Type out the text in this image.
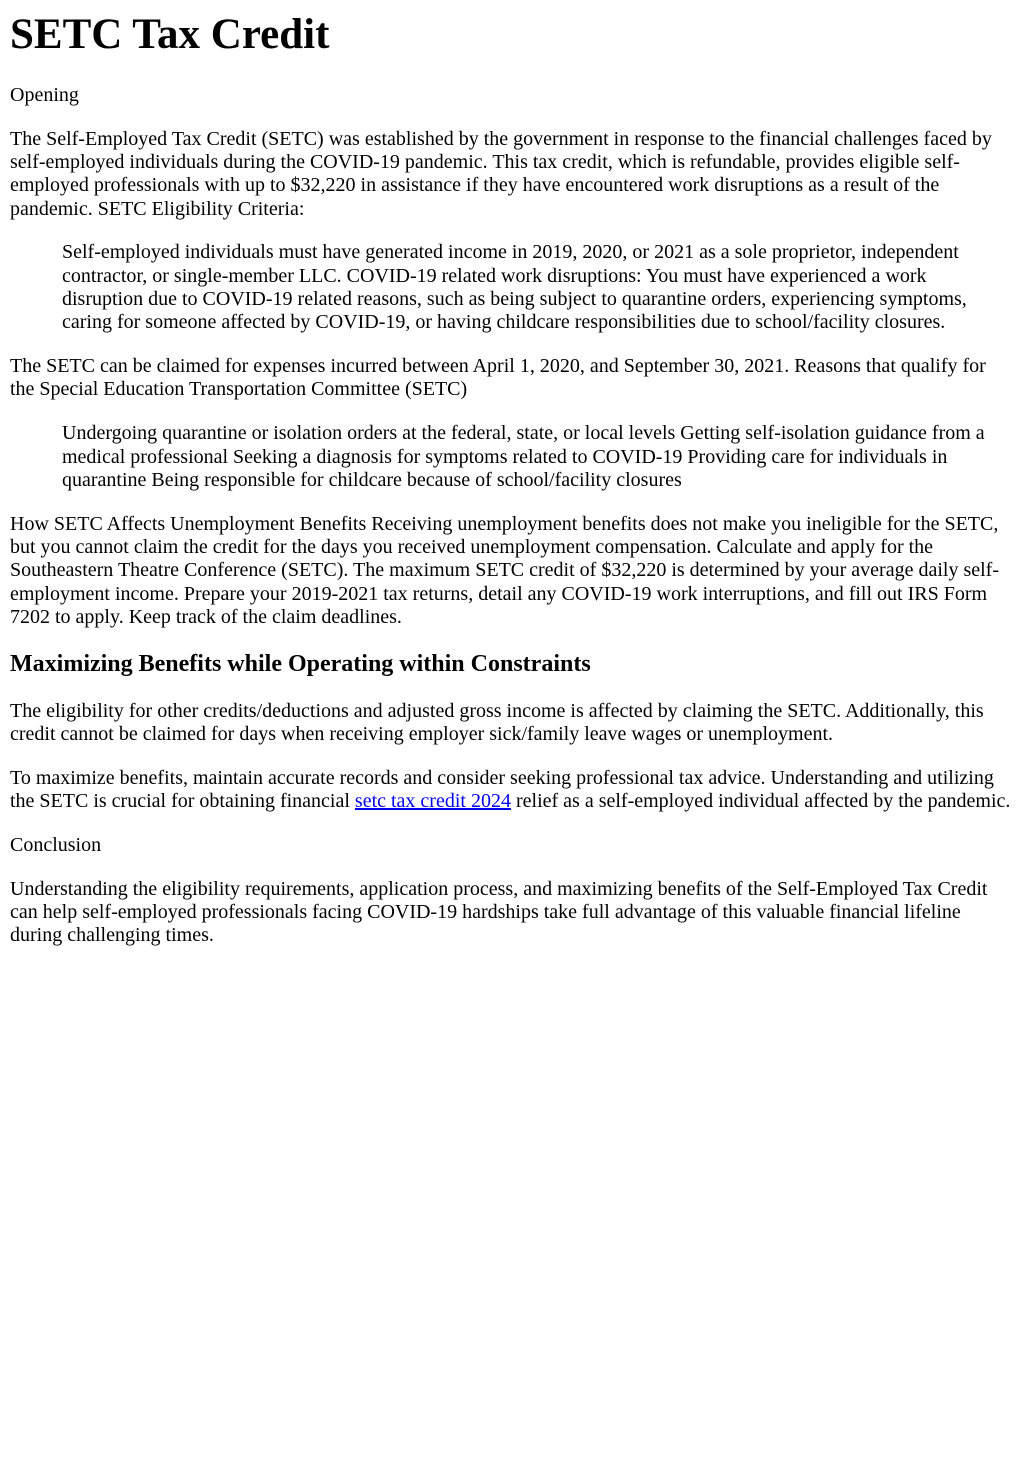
SETC Tax Credit

Opening

The Self-Employed Tax Credit (SETC) was established by the government in response to the financial challenges faced by self-employed individuals during the COVID-19 pandemic. This tax credit, which is refundable, provides eligible self-employed professionals with up to $32,220 in assistance if they have encountered work disruptions as a result of the pandemic. SETC Eligibility Criteria:

Self-employed individuals must have generated income in 2019, 2020, or 2021 as a sole proprietor, independent contractor, or single-member LLC. COVID-19 related work disruptions: You must have experienced a work disruption due to COVID-19 related reasons, such as being subject to quarantine orders, experiencing symptoms, caring for someone affected by COVID-19, or having childcare responsibilities due to school/facility closures.

The SETC can be claimed for expenses incurred between April 1, 2020, and September 30, 2021. Reasons that qualify for the Special Education Transportation Committee (SETC)

Undergoing quarantine or isolation orders at the federal, state, or local levels Getting self-isolation guidance from a medical professional Seeking a diagnosis for symptoms related to COVID-19 Providing care for individuals in quarantine Being responsible for childcare because of school/facility closures

How SETC Affects Unemployment Benefits Receiving unemployment benefits does not make you ineligible for the SETC, but you cannot claim the credit for the days you received unemployment compensation. Calculate and apply for the Southeastern Theatre Conference (SETC). The maximum SETC credit of $32,220 is determined by your average daily self-employment income. Prepare your 2019-2021 tax returns, detail any COVID-19 work interruptions, and fill out IRS Form 7202 to apply. Keep track of the claim deadlines.

Maximizing Benefits while Operating within Constraints

The eligibility for other credits/deductions and adjusted gross income is affected by claiming the SETC. Additionally, this credit cannot be claimed for days when receiving employer sick/family leave wages or unemployment.

To maximize benefits, maintain accurate records and consider seeking professional tax advice. Understanding and utilizing the SETC is crucial for obtaining financial setc tax credit 2024 relief as a self-employed individual affected by the pandemic.

Conclusion

Understanding the eligibility requirements, application process, and maximizing benefits of the Self-Employed Tax Credit can help self-employed professionals facing COVID-19 hardships take full advantage of this valuable financial lifeline during challenging times.
